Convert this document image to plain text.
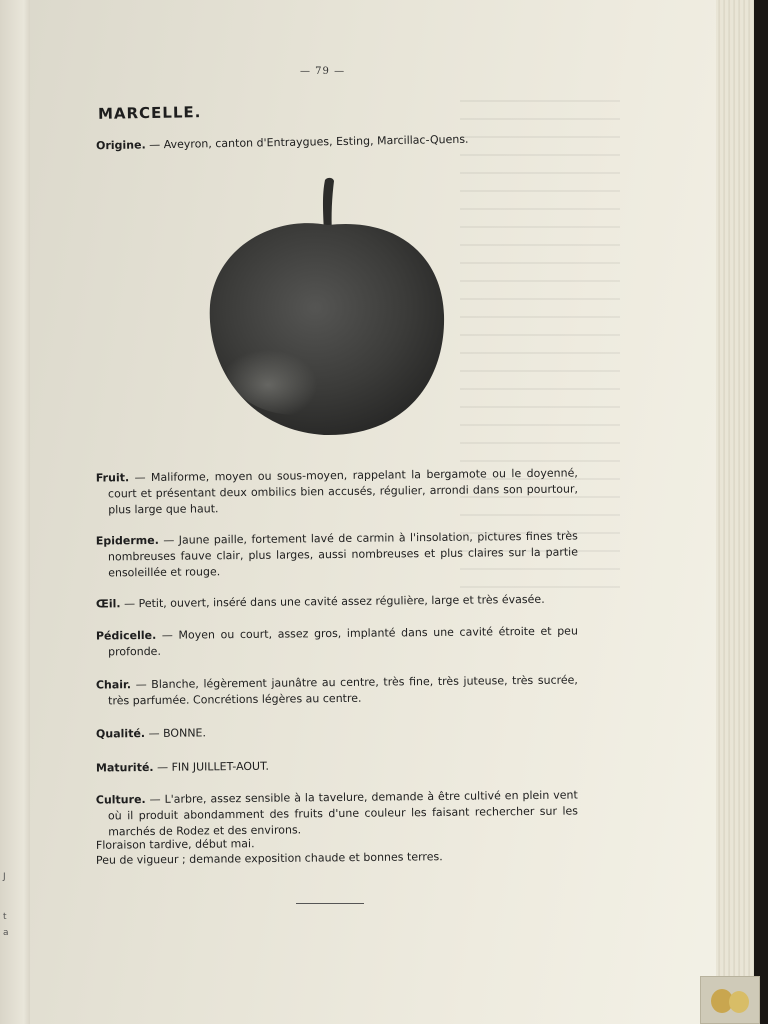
J
t
a
— 79 —
MARCELLE.
Origine. — Aveyron, canton d'Entraygues, Esting, Marcillac-Quens.

Fruit. — Maliforme, moyen ou sous-moyen, rappelant la bergamote ou le doyenné, court et présentant deux ombilics bien accusés, régulier, arrondi dans son pourtour, plus large que haut.

Epiderme. — Jaune paille, fortement lavé de carmin à l'insolation, pictures fines très nombreuses fauve clair, plus larges, aussi nombreuses et plus claires sur la partie ensoleillée et rouge.

Œil. — Petit, ouvert, inséré dans une cavité assez régulière, large et très évasée.

Pédicelle. — Moyen ou court, assez gros, implanté dans une cavité étroite et peu profonde.

Chair. — Blanche, légèrement jaunâtre au centre, très fine, très juteuse, très sucrée, très parfumée. Concrétions légères au centre.

Qualité. — BONNE.

Maturité. — FIN JUILLET-AOUT.

Culture. — L'arbre, assez sensible à la tavelure, demande à être cultivé en plein vent où il produit abondamment des fruits d'une couleur les faisant rechercher sur les marchés de Rodez et des environs.

Floraison tardive, début mai.
Peu de vigueur ; demande exposition chaude et bonnes terres.
